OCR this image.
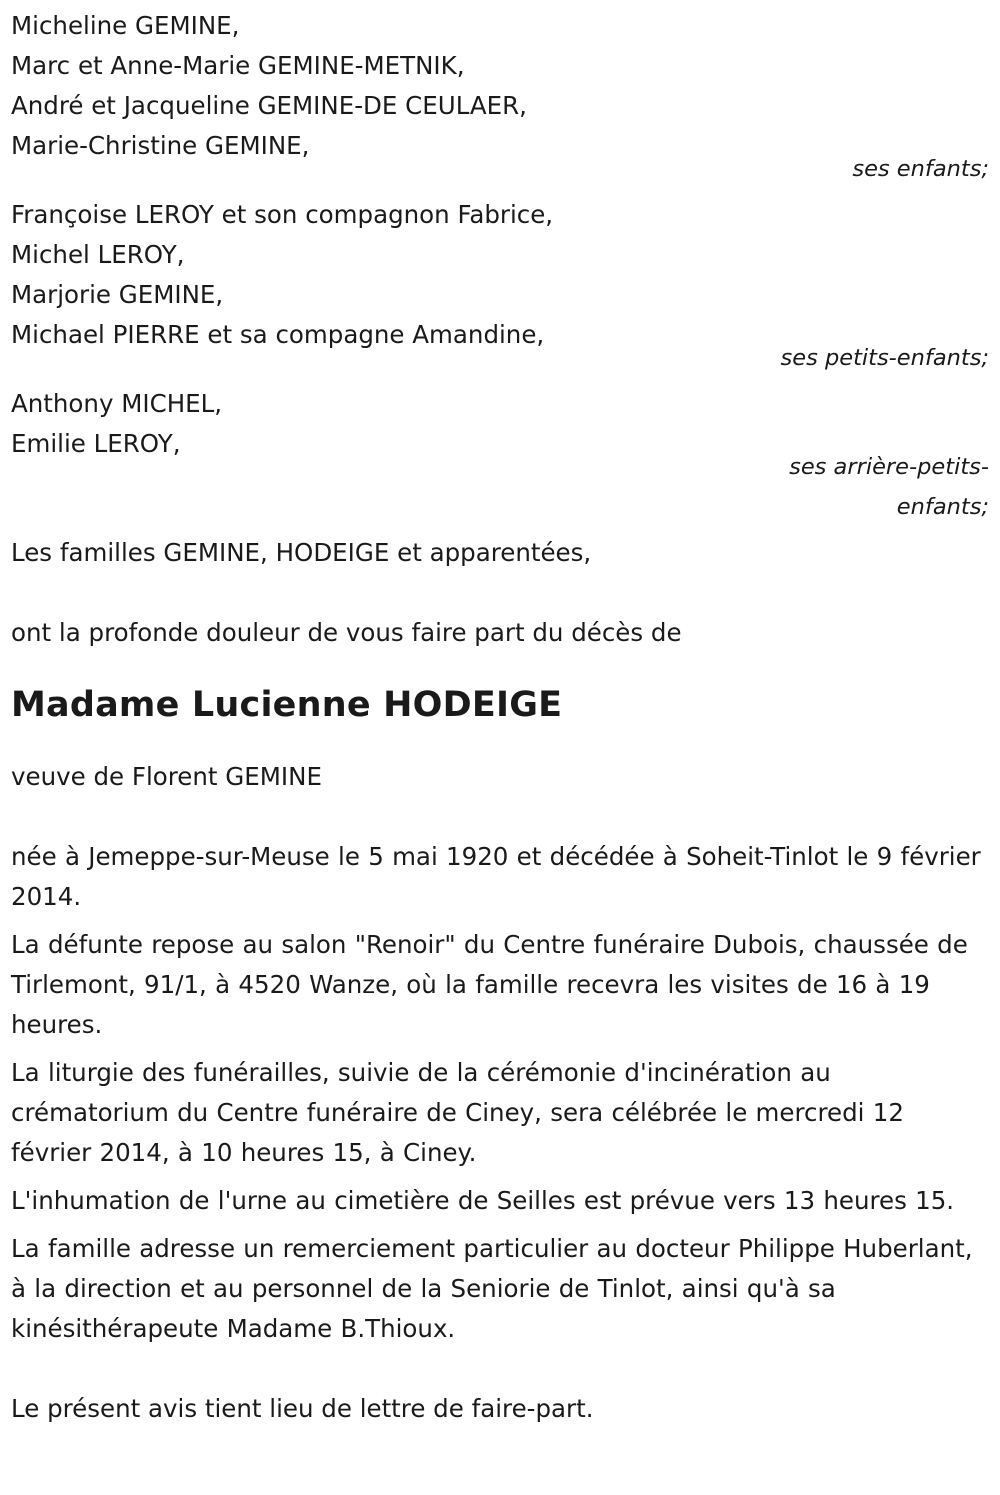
Micheline GEMINE,

Marc et Anne-Marie GEMINE-METNIK,

André et Jacqueline GEMINE-DE CEULAER,

Marie-Christine GEMINE,

ses enfants;

Françoise LEROY et son compagnon Fabrice,

Michel LEROY,

Marjorie GEMINE,

Michael PIERRE et sa compagne Amandine,

ses petits-enfants;

Anthony MICHEL,

Emilie LEROY,

ses arrière-petits-enfants;

Les familles GEMINE, HODEIGE et apparentées,

ont la profonde douleur de vous faire part du décès de

Madame Lucienne HODEIGE

veuve de Florent GEMINE

née à Jemeppe-sur-Meuse le 5 mai 1920 et décédée à Soheit-Tinlot le 9 février 2014.

La défunte repose au salon "Renoir" du Centre funéraire Dubois, chaussée de Tirlemont, 91/1, à 4520 Wanze, où la famille recevra les visites de 16 à 19 heures.

La liturgie des funérailles, suivie de la cérémonie d'incinération au crématorium du Centre funéraire de Ciney, sera célébrée le mercredi 12 février 2014, à 10 heures 15, à Ciney.

L'inhumation de l'urne au cimetière de Seilles est prévue vers 13 heures 15.

La famille adresse un remerciement particulier au docteur Philippe Huberlant, à la direction et au personnel de la Seniorie de Tinlot, ainsi qu'à sa kinésithérapeute Madame B.Thioux.

Le présent avis tient lieu de lettre de faire-part.
